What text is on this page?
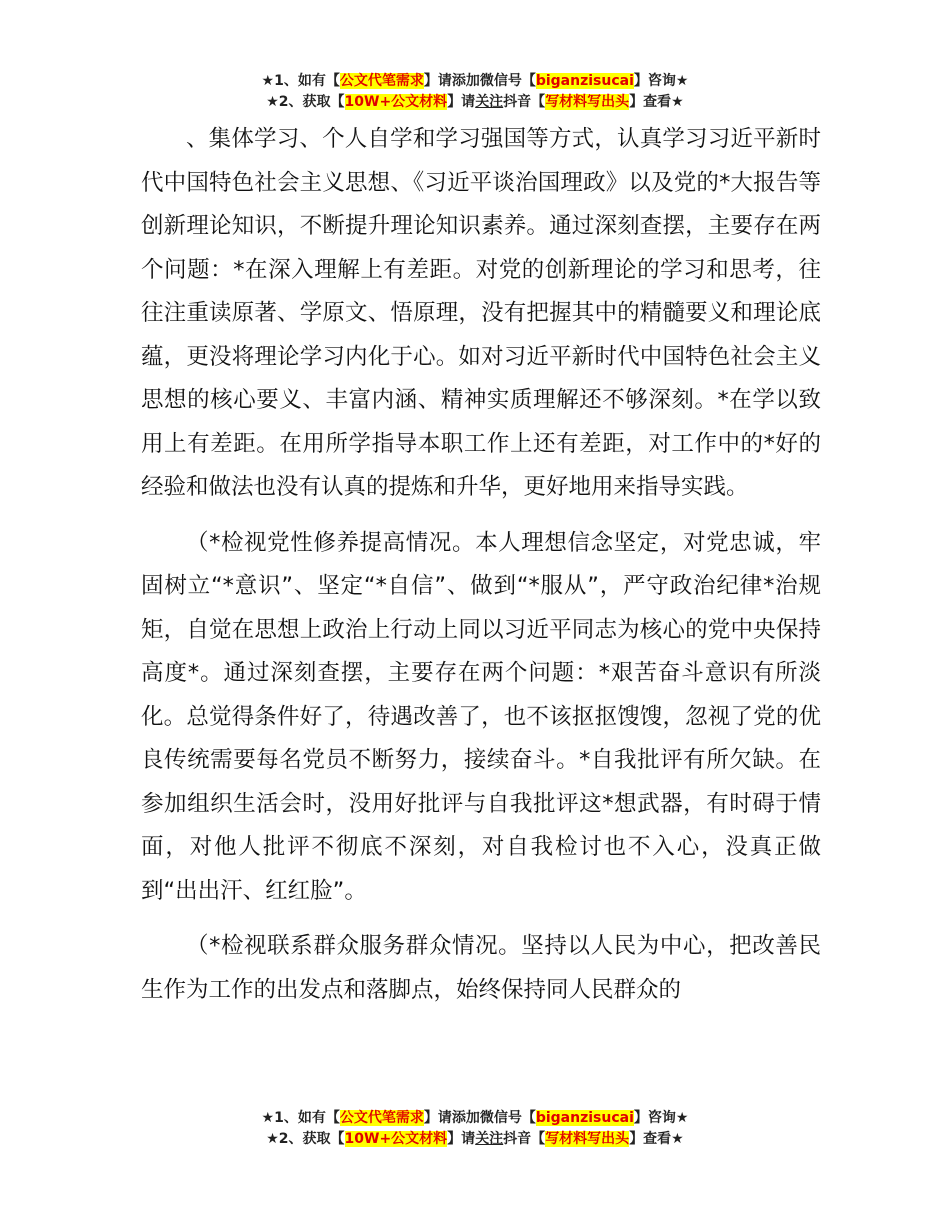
★1、如有【公文代笔需求】请添加微信号【biganzisucai】咨询★
★2、获取【10W+公文材料】请关注抖音【写材料写出头】查看★

、集体学习、个人自学和学习强国等方式，认真学习习近平新时代中国特色社会主义思想、《习近平谈治国理政》以及党的*大报告等创新理论知识，不断提升理论知识素养。通过深刻查摆，主要存在两个问题：*在深入理解上有差距。对党的创新理论的学习和思考，往往注重读原著、学原文、悟原理，没有把握其中的精髓要义和理论底蕴，更没将理论学习内化于心。如对习近平新时代中国特色社会主义思想的核心要义、丰富内涵、精神实质理解还不够深刻。*在学以致用上有差距。在用所学指导本职工作上还有差距，对工作中的*好的经验和做法也没有认真的提炼和升华，更好地用来指导实践。

（*检视党性修养提高情况。本人理想信念坚定，对党忠诚，牢固树立“*意识”、坚定“*自信”、做到“*服从”，严守政治纪律*治规矩，自觉在思想上政治上行动上同以习近平同志为核心的党中央保持高度*。通过深刻查摆，主要存在两个问题：*艰苦奋斗意识有所淡化。总觉得条件好了，待遇改善了，也不该抠抠馊馊，忽视了党的优良传统需要每名党员不断努力，接续奋斗。*自我批评有所欠缺。在参加组织生活会时，没用好批评与自我批评这*想武器，有时碍于情面，对他人批评不彻底不深刻，对自我检讨也不入心，没真正做到“出出汗、红红脸”。

（*检视联系群众服务群众情况。坚持以人民为中心，把改善民生作为工作的出发点和落脚点，始终保持同人民群众的

★1、如有【公文代笔需求】请添加微信号【biganzisucai】咨询★
★2、获取【10W+公文材料】请关注抖音【写材料写出头】查看★
